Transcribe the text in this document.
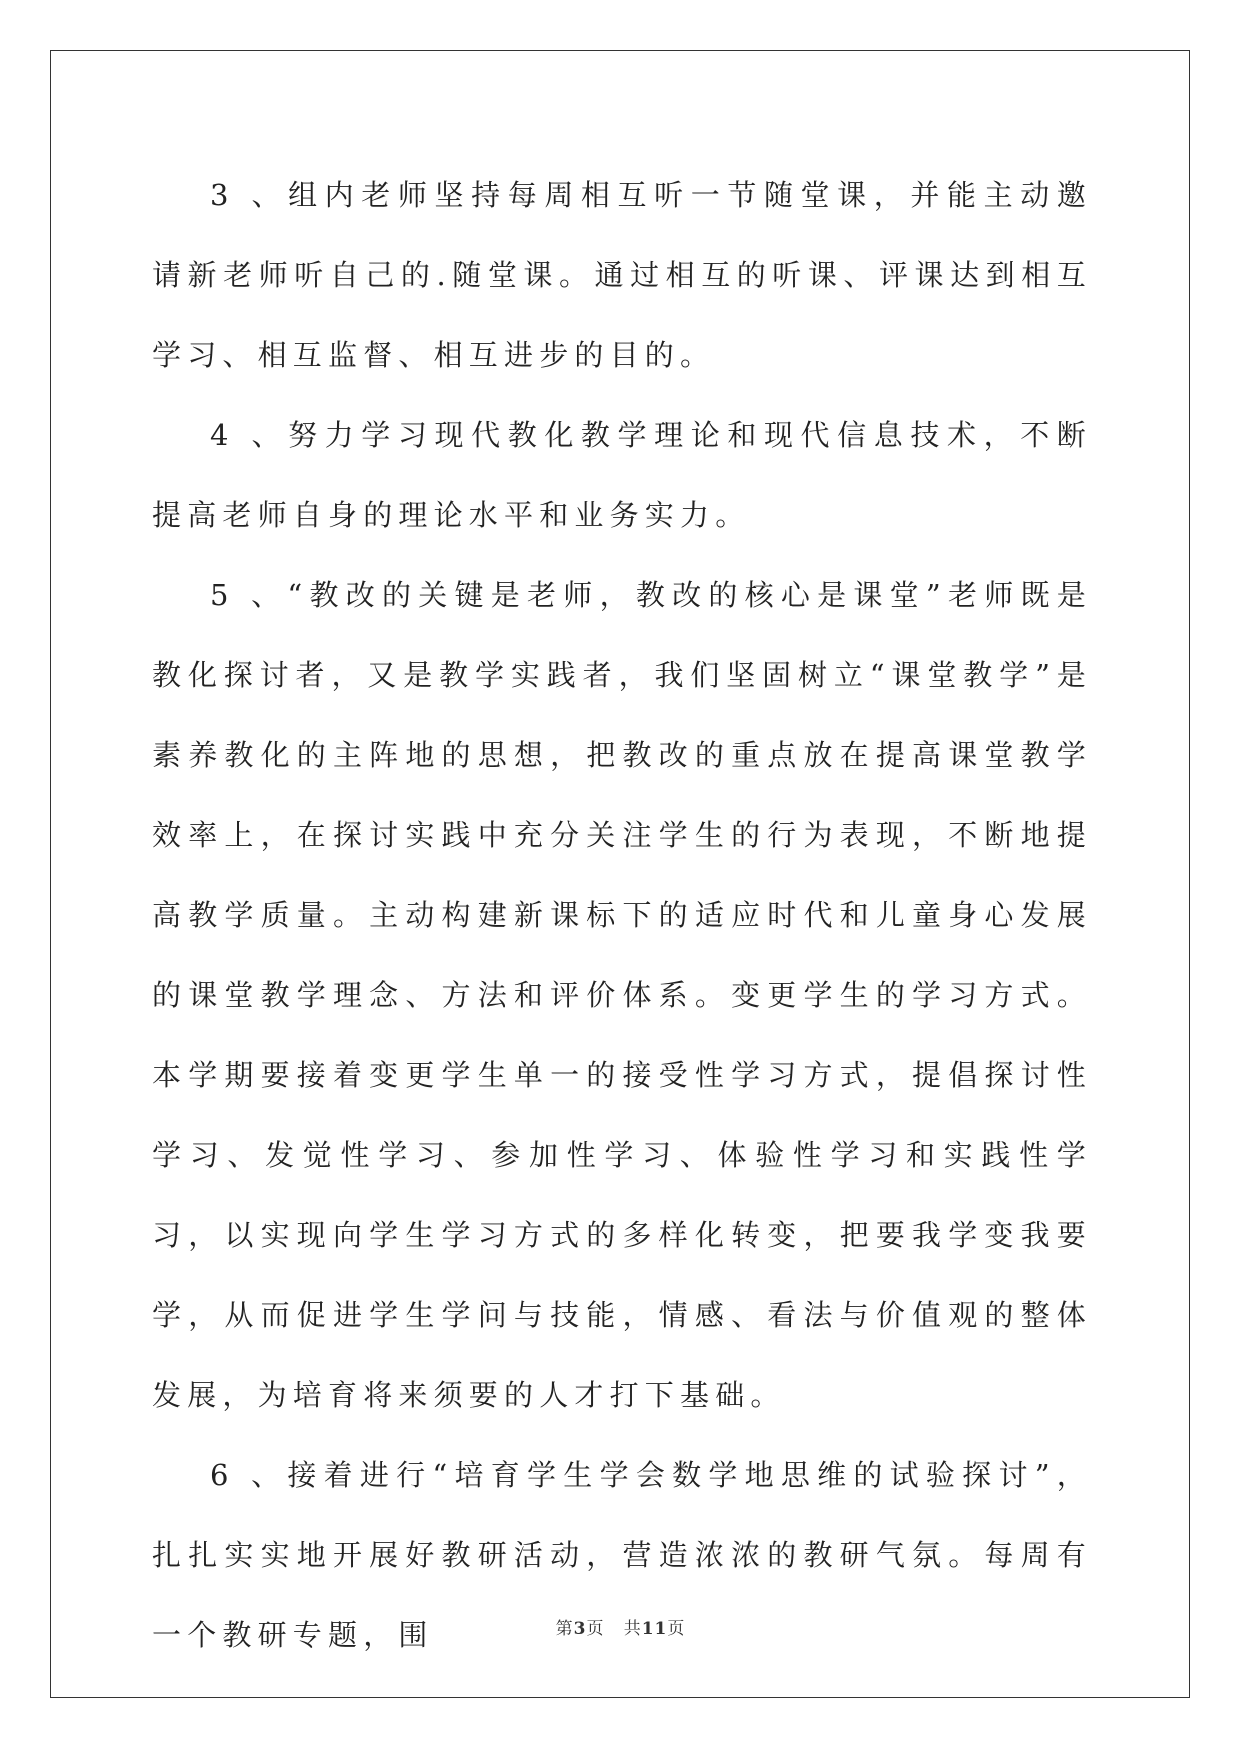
3 、组内老师坚持每周相互听一节随堂课，并能主动邀请新老师听自己的.随堂课。通过相互的听课、评课达到相互学习、相互监督、相互进步的目的。

4 、努力学习现代教化教学理论和现代信息技术，不断提高老师自身的理论水平和业务实力。

5 、“教改的关键是老师，教改的核心是课堂”老师既是教化探讨者，又是教学实践者，我们坚固树立“课堂教学”是素养教化的主阵地的思想，把教改的重点放在提高课堂教学效率上，在探讨实践中充分关注学生的行为表现，不断地提高教学质量。主动构建新课标下的适应时代和儿童身心发展的课堂教学理念、方法和评价体系。变更学生的学习方式。本学期要接着变更学生单一的接受性学习方式，提倡探讨性学习、发觉性学习、参加性学习、体验性学习和实践性学习，以实现向学生学习方式的多样化转变，把要我学变我要学，从而促进学生学问与技能，情感、看法与价值观的整体发展，为培育将来须要的人才打下基础。

6 、接着进行“培育学生学会数学地思维的试验探讨”，扎扎实实地开展好教研活动，营造浓浓的教研气氛。每周有一个教研专题，围	第3页 共11页
